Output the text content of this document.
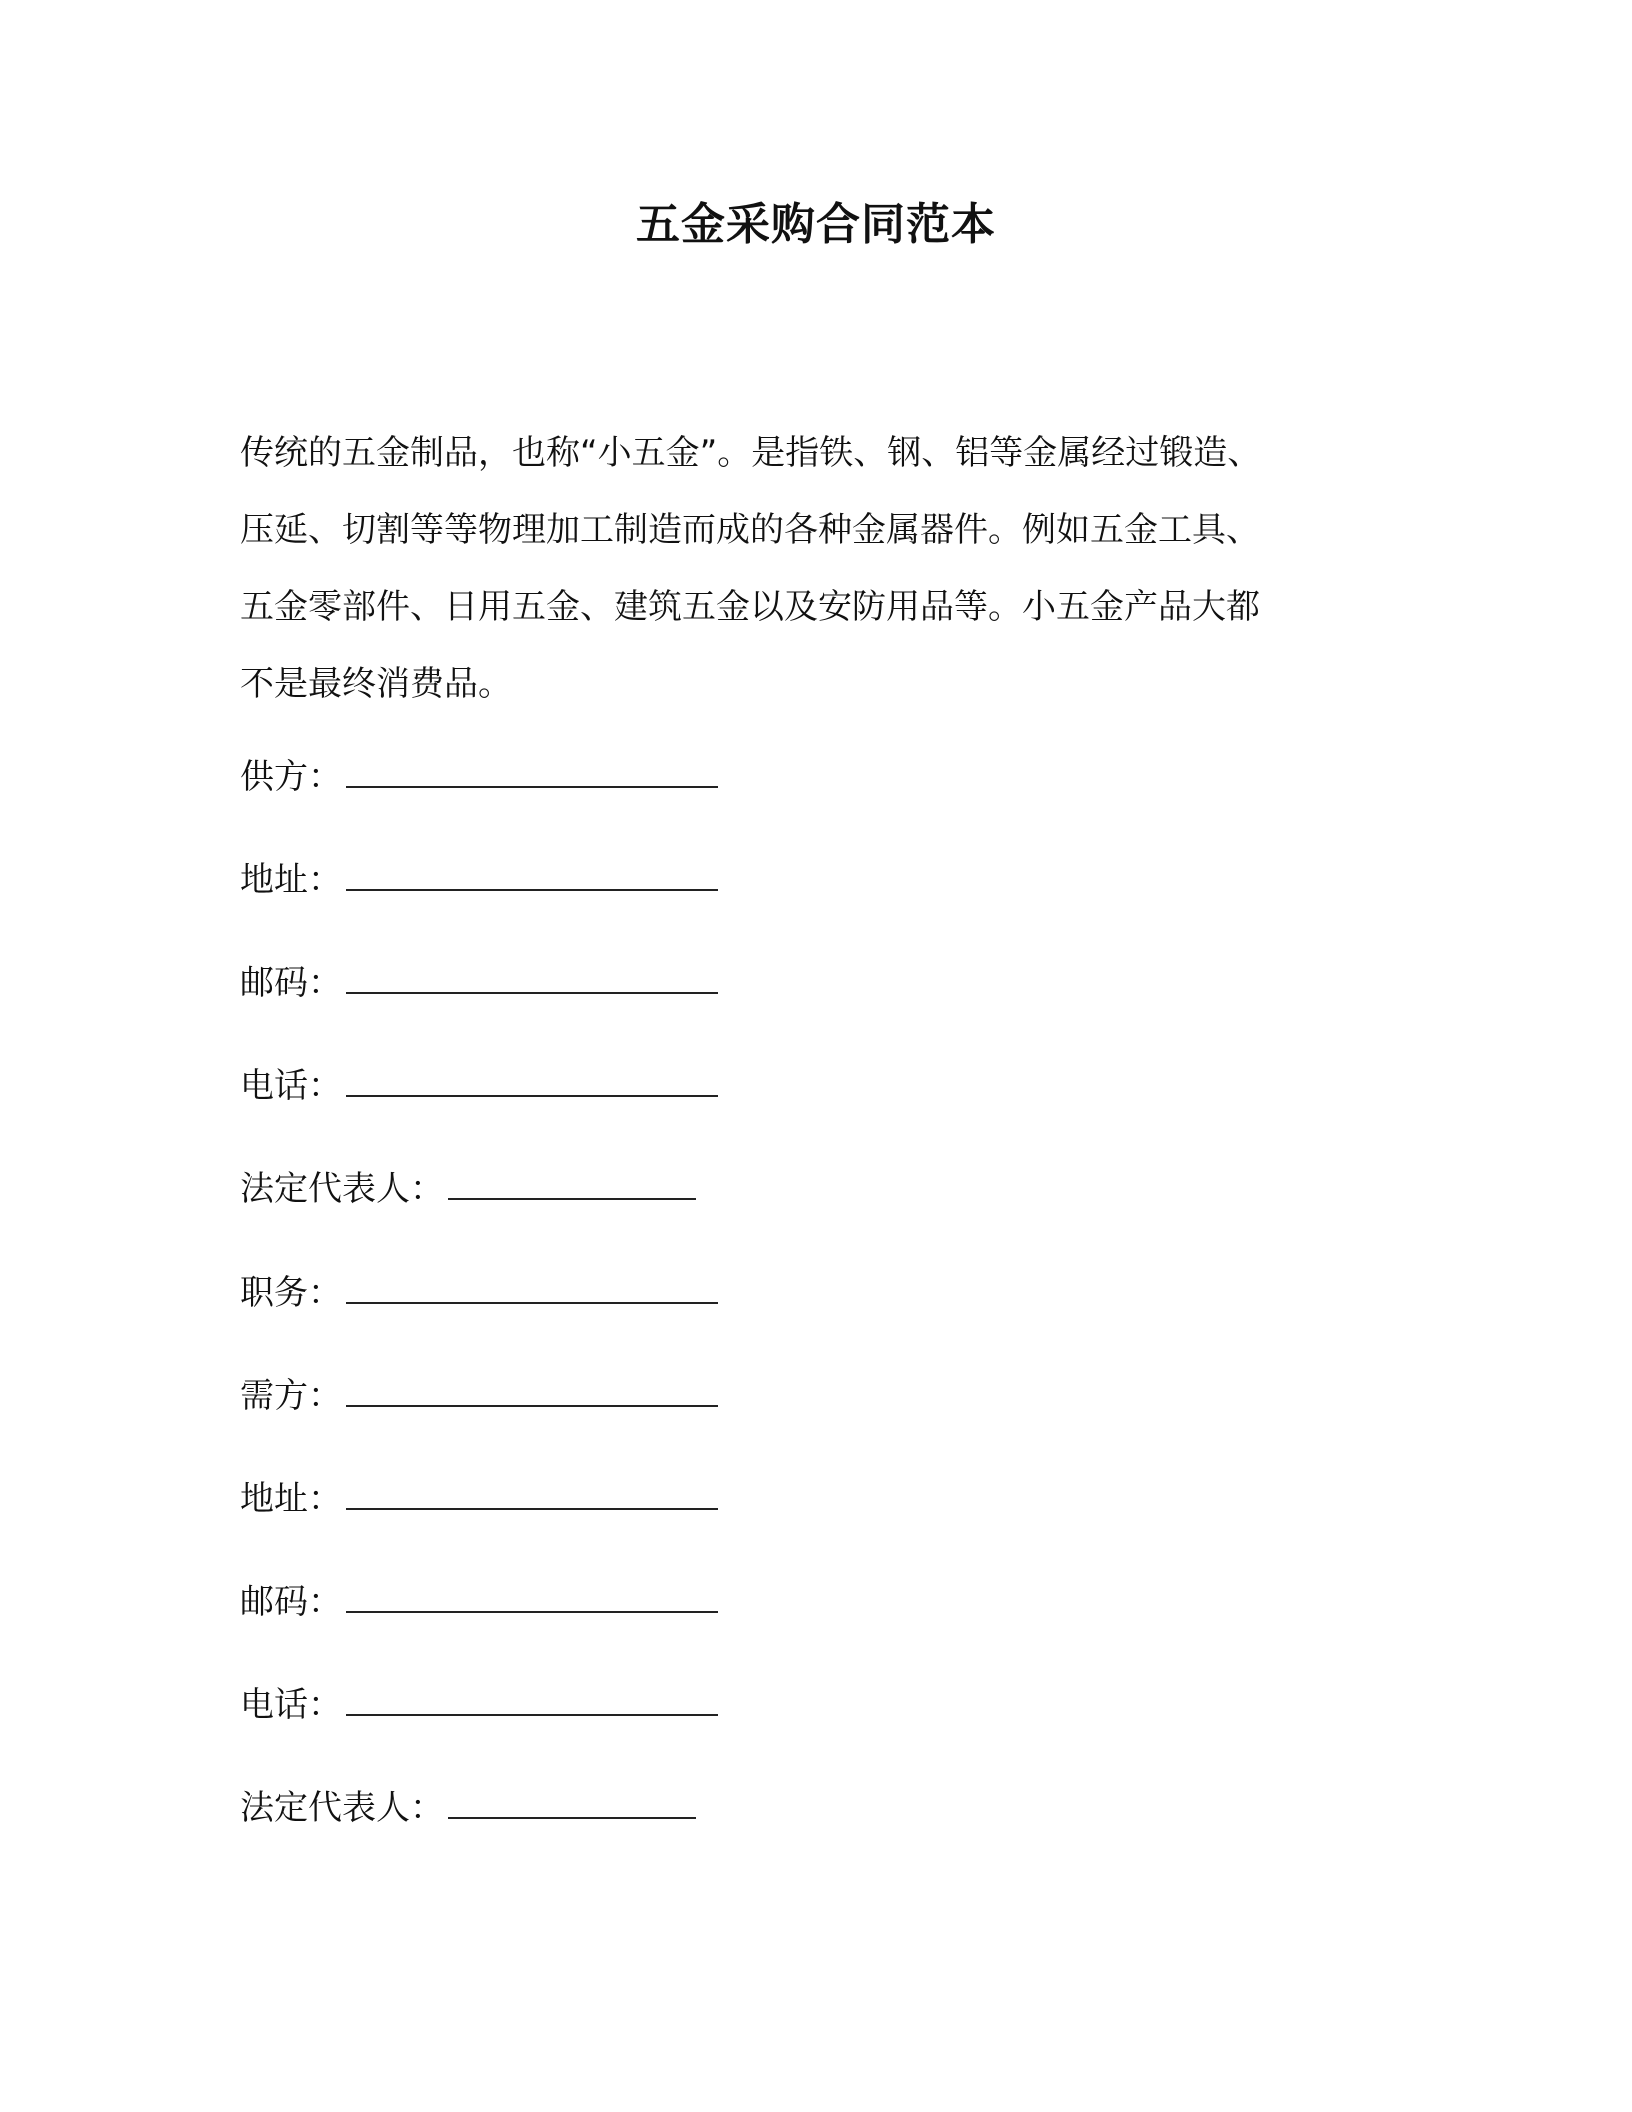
五金采购合同范本

传统的五金制品，也称“小五金”。是指铁、钢、铝等金属经过锻造、
压延、切割等等物理加工制造而成的各种金属器件。例如五金工具、
五金零部件、日用五金、建筑五金以及安防用品等。小五金产品大都
不是最终消费品。

供方：
地址：
邮码：
电话：
法定代表人：
职务：
需方：
地址：
邮码：
电话：
法定代表人：
